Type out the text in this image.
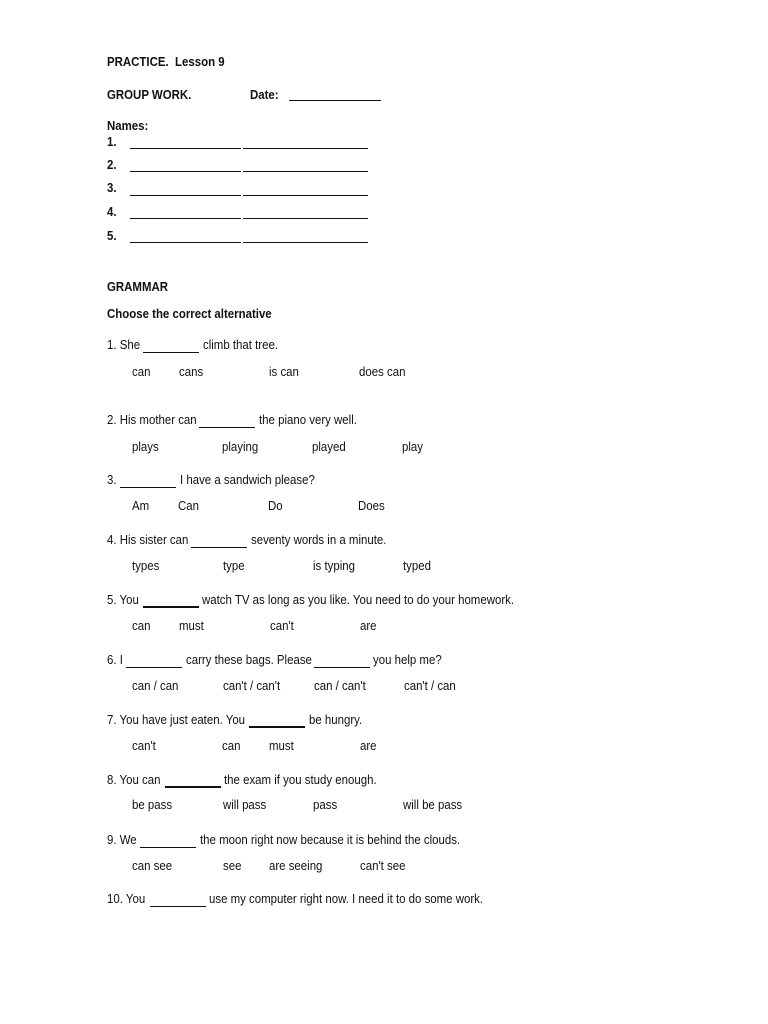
PRACTICE. Lesson 9
GROUP WORK.	Date:
Names:
1.
2.
3.
4.
5.
GRAMMAR
Choose the correct alternative
1. She	climb that tree.
can cans	is can	does can
2. His mother can	the piano very well.
plays	playing	played	play
3.	I have a sandwich please?
Am Can	Do	Does
4. His sister can	seventy words in a minute.
types	type	is typing	typed
5. You	watch TV as long as you like. You need to do your homework.
can must	can't	are
6. I	carry these bags. Please	you help me?
can / can	can't / can't	can / can't	can't / can
7. You have just eaten. You	be hungry.
can't	can must	are
8. You can	the exam if you study enough.
be pass	will pass	pass	will be pass
9. We	the moon right now because it is behind the clouds.
can see	see are seeing	can't see
10. You	use my computer right now. I need it to do some work.
